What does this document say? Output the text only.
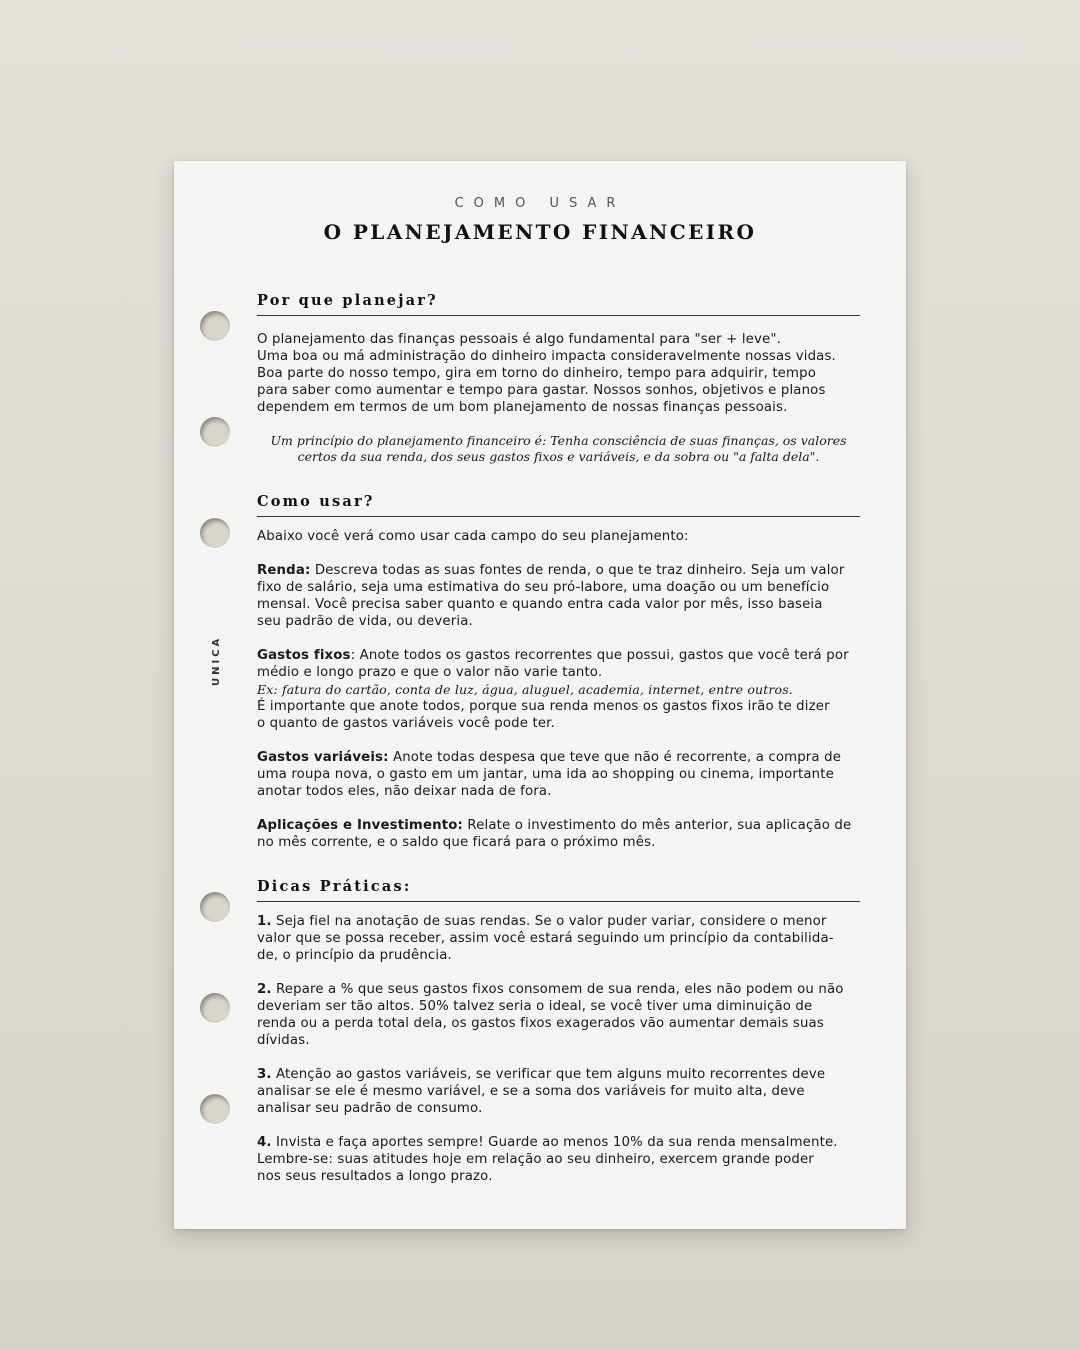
UNICA
COMO USAR
O PLANEJAMENTO FINANCEIRO
Por que planejar?

O planejamento das finanças pessoais é algo fundamental para "ser + leve".

Uma boa ou má administração do dinheiro impacta consideravelmente nossas vidas.

Boa parte do nosso tempo, gira em torno do dinheiro, tempo para adquirir, tempo

para saber como aumentar e tempo para gastar. Nossos sonhos, objetivos e planos

dependem em termos de um bom planejamento de nossas finanças pessoais.

Um princípio do planejamento financeiro é: Tenha consciência de suas finanças, os valores

certos da sua renda, dos seus gastos fixos e variáveis, e da sobra ou "a falta dela".

Como usar?

Abaixo você verá como usar cada campo do seu planejamento:

Renda: Descreva todas as suas fontes de renda, o que te traz dinheiro. Seja um valor

fixo de salário, seja uma estimativa do seu pró-labore, uma doação ou um benefício

mensal. Você precisa saber quanto e quando entra cada valor por mês, isso baseia

seu padrão de vida, ou deveria.

Gastos fixos: Anote todos os gastos recorrentes que possui, gastos que você terá por

médio e longo prazo e que o valor não varie tanto.

Ex: fatura do cartão, conta de luz, água, aluguel, academia, internet, entre outros.

É importante que anote todos, porque sua renda menos os gastos fixos irão te dizer

o quanto de gastos variáveis você pode ter.

Gastos variáveis: Anote todas despesa que teve que não é recorrente, a compra de

uma roupa nova, o gasto em um jantar, uma ida ao shopping ou cinema, importante

anotar todos eles, não deixar nada de fora.

Aplicações e Investimento: Relate o investimento do mês anterior, sua aplicação de

no mês corrente, e o saldo que ficará para o próximo mês.

Dicas Práticas:

1. Seja fiel na anotação de suas rendas. Se o valor puder variar, considere o menor

valor que se possa receber, assim você estará seguindo um princípio da contabilida-

de, o princípio da prudência.

2. Repare a % que seus gastos fixos consomem de sua renda, eles não podem ou não

deveriam ser tão altos. 50% talvez seria o ideal, se você tiver uma diminuição de

renda ou a perda total dela, os gastos fixos exagerados vão aumentar demais suas

dívidas.

3. Atenção ao gastos variáveis, se verificar que tem alguns muito recorrentes deve

analisar se ele é mesmo variável, e se a soma dos variáveis for muito alta, deve

analisar seu padrão de consumo.

4. Invista e faça aportes sempre! Guarde ao menos 10% da sua renda mensalmente.

Lembre-se: suas atitudes hoje em relação ao seu dinheiro, exercem grande poder

nos seus resultados a longo prazo.
